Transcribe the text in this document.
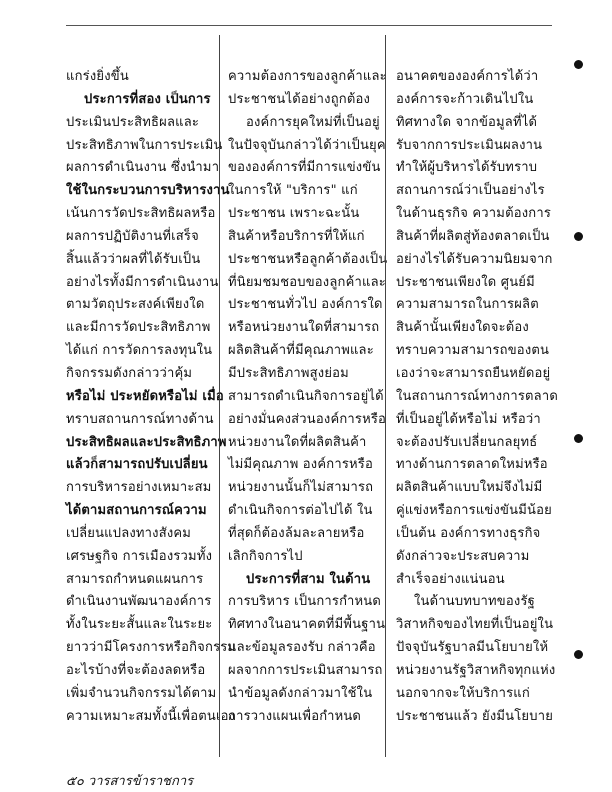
แกร่งยิ่งขึ้น
ประการที่สอง เป็นการ
ประเมินประสิทธิผลและ
ประสิทธิภาพในการประเมิน
ผลการดำเนินงาน ซึ่งนำมา
ใช้ในกระบวนการบริหารงาน
เน้นการวัดประสิทธิผลหรือ
ผลการปฏิบัติงานที่เสร็จ
สิ้นแล้วว่าผลที่ได้รับเป็น
อย่างไรทั้งมีการดำเนินงาน
ตามวัตถุประสงค์เพียงใด
และมีการวัดประสิทธิภาพ
ได้แก่ การวัดการลงทุนใน
กิจกรรมดังกล่าวว่าคุ้ม
หรือไม่ ประหยัดหรือไม่ เมื่อ
ทราบสถานการณ์ทางด้าน
ประสิทธิผลและประสิทธิภาพ
แล้วก็สามารถปรับเปลี่ยน
การบริหารอย่างเหมาะสม
ได้ตามสถานการณ์ความ
เปลี่ยนแปลงทางสังคม
เศรษฐกิจ การเมืองรวมทั้ง
สามารถกำหนดแผนการ
ดำเนินงานพัฒนาองค์การ
ทั้งในระยะสั้นและในระยะ
ยาวว่ามีโครงการหรือกิจกรรม
อะไรบ้างที่จะต้องลดหรือ
เพิ่มจำนวนกิจกรรมได้ตาม
ความเหมาะสมทั้งนี้เพื่อตนเอง
ความต้องการของลูกค้าและ
ประชาชนได้อย่างถูกต้อง
องค์การยุคใหม่ที่เป็นอยู่
ในปัจจุบันกล่าวได้ว่าเป็นยุค
ขององค์การที่มีการแข่งขัน
ในการให้ "บริการ" แก่
ประชาชน เพราะฉะนั้น
สินค้าหรือบริการที่ให้แก่
ประชาชนหรือลูกค้าต้องเป็น
ที่นิยมชมชอบของลูกค้าและ
ประชาชนทั่วไป องค์การใด
หรือหน่วยงานใดที่สามารถ
ผลิตสินค้าที่มีคุณภาพและ
มีประสิทธิภาพสูงย่อม
สามารถดำเนินกิจการอยู่ได้
อย่างมั่นคงส่วนองค์การหรือ
หน่วยงานใดที่ผลิตสินค้า
ไม่มีคุณภาพ องค์การหรือ
หน่วยงานนั้นก็ไม่สามารถ
ดำเนินกิจการต่อไปได้ ใน
ที่สุดก็ต้องล้มละลายหรือ
เลิกกิจการไป
ประการที่สาม ในด้าน
การบริหาร เป็นการกำหนด
ทิศทางในอนาคตที่มีพื้นฐาน
และข้อมูลรองรับ กล่าวคือ
ผลจากการประเมินสามารถ
นำข้อมูลดังกล่าวมาใช้ใน
การวางแผนเพื่อกำหนด
อนาคตขององค์การได้ว่า
องค์การจะก้าวเดินไปใน
ทิศทางใด จากข้อมูลที่ได้
รับจากการประเมินผลงาน
ทำให้ผู้บริหารได้รับทราบ
สถานการณ์ว่าเป็นอย่างไร
ในด้านธุรกิจ ความต้องการ
สินค้าที่ผลิตสู่ท้องตลาดเป็น
อย่างไรได้รับความนิยมจาก
ประชาชนเพียงใด ศูนย์มี
ความสามารถในการผลิต
สินค้านั้นเพียงใดจะต้อง
ทราบความสามารถของตน
เองว่าจะสามารถยืนหยัดอยู่
ในสถานการณ์ทางการตลาด
ที่เป็นอยู่ได้หรือไม่ หรือว่า
จะต้องปรับเปลี่ยนกลยุทธ์
ทางด้านการตลาดใหม่หรือ
ผลิตสินค้าแบบใหม่จึงไม่มี
คู่แข่งหรือการแข่งขันมีน้อย
เป็นต้น องค์การทางธุรกิจ
ดังกล่าวจะประสบความ
สำเร็จอย่างแน่นอน
ในด้านบทบาทของรัฐ
วิสาหกิจของไทยที่เป็นอยู่ใน
ปัจจุบันรัฐบาลมีนโยบายให้
หน่วยงานรัฐวิสาหกิจทุกแห่ง
นอกจากจะให้บริการแก่
ประชาชนแล้ว ยังมีนโยบาย
๕๐ วารสารข้าราชการ
